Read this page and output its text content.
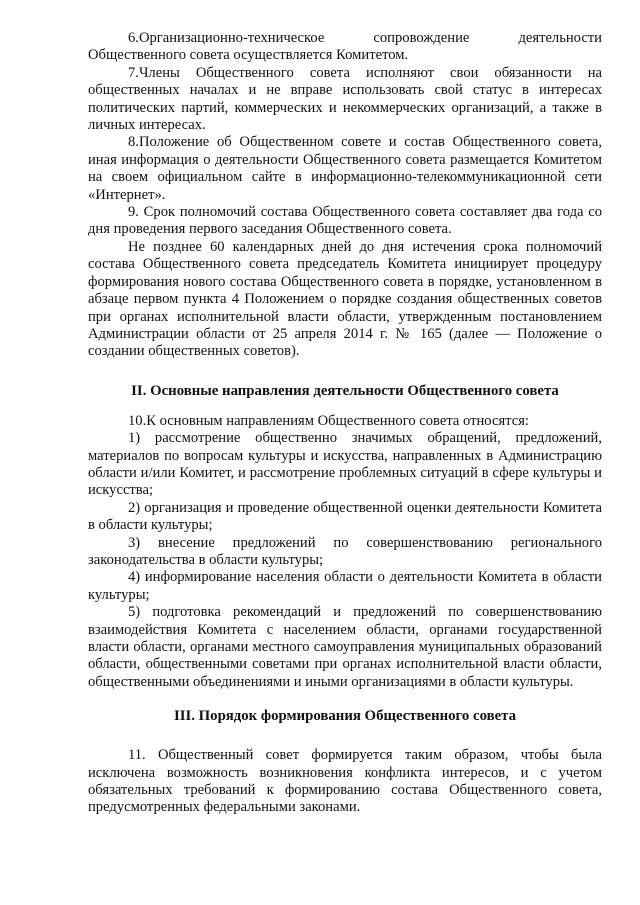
6.Организационно-техническое сопровождение деятельности Общественного совета осуществляется Комитетом.

7.Члены Общественного совета исполняют свои обязанности на общественных началах и не вправе использовать свой статус в интересах политических партий, коммерческих и некоммерческих организаций, а также в личных интересах.

8.Положение об Общественном совете и состав Общественного совета, иная информация о деятельности Общественного совета размещается Комитетом на своем официальном сайте в информационно-телекоммуникационной сети «Интернет».

9. Срок полномочий состава Общественного совета составляет два года со дня проведения первого заседания Общественного совета.

Не позднее 60 календарных дней до дня истечения срока полномочий состава Общественного совета председатель Комитета инициирует процедуру формирования нового состава Общественного совета в порядке, установленном в абзаце первом пункта 4 Положением о порядке создания общественных советов при органах исполнительной власти области, утвержденным постановлением Администрации области от 25 апреля 2014 г. № 165 (далее — Положение о создании общественных советов).

II. Основные направления деятельности Общественного совета

10.К основным направлениям Общественного совета относятся:

1) рассмотрение общественно значимых обращений, предложений, материалов по вопросам культуры и искусства, направленных в Администрацию области и/или Комитет, и рассмотрение проблемных ситуаций в сфере культуры и искусства;

2) организация и проведение общественной оценки деятельности Комитета в области культуры;

3) внесение предложений по совершенствованию регионального законодательства в области культуры;

4) информирование населения области о деятельности Комитета в области культуры;

5) подготовка рекомендаций и предложений по совершенствованию взаимодействия Комитета с населением области, органами государственной власти области, органами местного самоуправления муниципальных образований области, общественными советами при органах исполнительной власти области, общественными объединениями и иными организациями в области культуры.

III. Порядок формирования Общественного совета

11. Общественный совет формируется таким образом, чтобы была исключена возможность возникновения конфликта интересов, и с учетом обязательных требований к формированию состава Общественного совета, предусмотренных федеральными законами.
